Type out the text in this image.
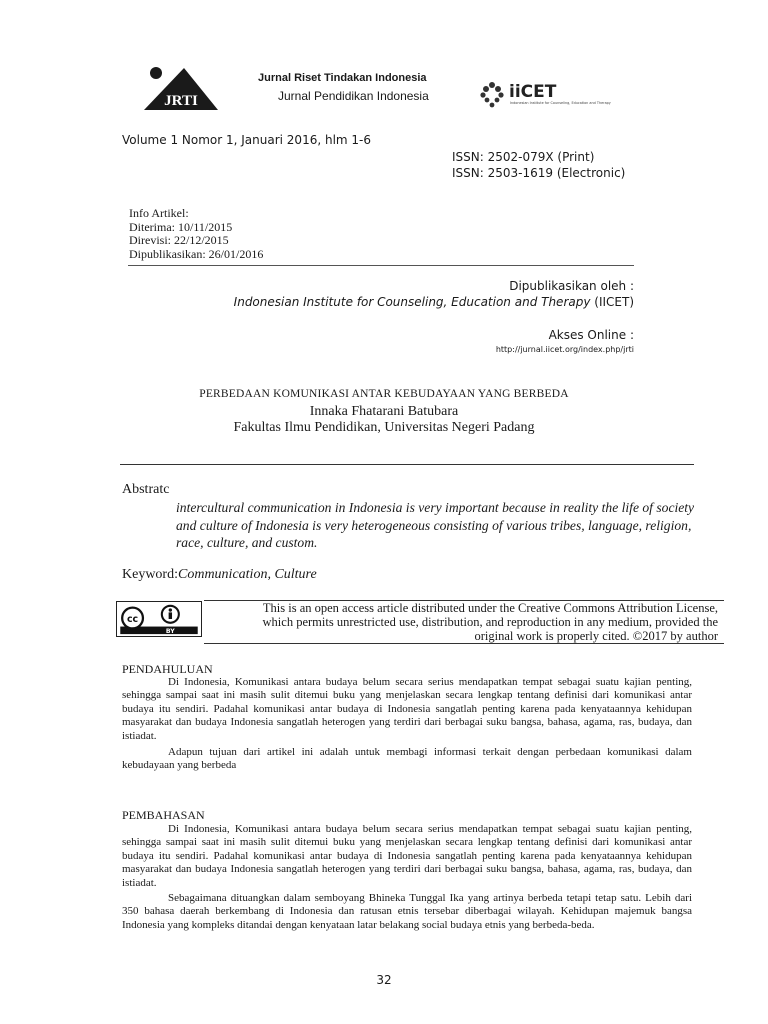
JRTI
Jurnal Riset Tindakan Indonesia
Jurnal Pendidikan Indonesia	iiCET
Indonesian Institute for Counseling, Education and Therapy
Volume 1 Nomor 1, Januari 2016, hlm 1-6
ISSN: 2502-079X (Print)
ISSN: 2503-1619 (Electronic)
Info Artikel:
Diterima: 10/11/2015
Direvisi: 22/12/2015
Dipublikasikan: 26/01/2016
Dipublikasikan oleh :
Indonesian Institute for Counseling, Education and Therapy (IICET)
Akses Online :
http://jurnal.iicet.org/index.php/jrti
PERBEDAAN KOMUNIKASI ANTAR KEBUDAYAAN YANG BERBEDA
Innaka Fhatarani Batubara
Fakultas Ilmu Pendidikan, Universitas Negeri Padang
Abstratc
intercultural communication in Indonesia is very important because in reality the life of society and culture of Indonesia is very heterogeneous consisting of various tribes, language, religion, race, culture, and custom.
Keyword:Communication, Culture
cc
BY
This is an open access article distributed under the Creative Commons Attribution License,
which permits unrestricted use, distribution, and reproduction in any medium, provided the
original work is properly cited. ©2017 by author
PENDAHULUAN
Di Indonesia, Komunikasi antara budaya belum secara serius mendapatkan tempat sebagai suatu kajian penting, sehingga sampai saat ini masih sulit ditemui buku yang menjelaskan secara lengkap tentang definisi dari komunikasi antar budaya itu sendiri. Padahal komunikasi antar budaya di Indonesia sangatlah penting karena pada kenyataannya kehidupan masyarakat dan budaya Indonesia sangatlah heterogen yang terdiri dari berbagai suku bangsa, bahasa, agama, ras, budaya, dan istiadat.
Adapun tujuan dari artikel ini adalah untuk membagi informasi terkait dengan perbedaan komunikasi dalam kebudayaan yang berbeda
PEMBAHASAN
Di Indonesia, Komunikasi antara budaya belum secara serius mendapatkan tempat sebagai suatu kajian penting, sehingga sampai saat ini masih sulit ditemui buku yang menjelaskan secara lengkap tentang definisi dari komunikasi antar budaya itu sendiri. Padahal komunikasi antar budaya di Indonesia sangatlah penting karena pada kenyataannya kehidupan masyarakat dan budaya Indonesia sangatlah heterogen yang terdiri dari berbagai suku bangsa, bahasa, agama, ras, budaya, dan istiadat.
Sebagaimana dituangkan dalam semboyang Bhineka Tunggal Ika yang artinya berbeda tetapi tetap satu. Lebih dari 350 bahasa daerah berkembang di Indonesia dan ratusan etnis tersebar diberbagai wilayah. Kehidupan majemuk bangsa Indonesia yang kompleks ditandai dengan kenyataan latar belakang social budaya etnis yang berbeda-beda.
32
